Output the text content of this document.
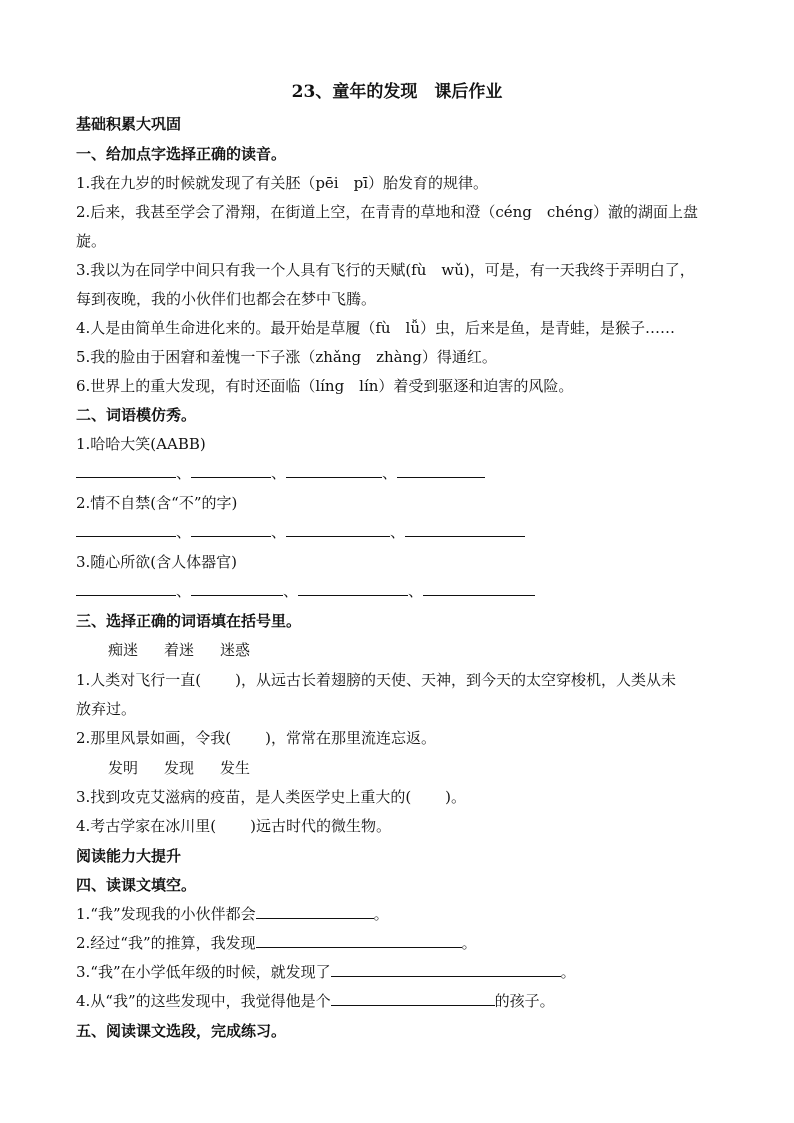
23、童年的发现　课后作业
基础积累大巩固
一、给加点字选择正确的读音。
1.我在九岁的时候就发现了有关胚（pēi　pī）胎发育的规律。
2.后来，我甚至学会了滑翔，在街道上空，在青青的草地和澄（céng　chéng）澈的湖面上盘
旋。
3.我以为在同学中间只有我一个人具有飞行的天赋(fù　wǔ)，可是，有一天我终于弄明白了，
每到夜晚，我的小伙伴们也都会在梦中飞腾。
4.人是由简单生命进化来的。最开始是草履（fù　lǚ）虫，后来是鱼，是青蛙，是猴子……
5.我的脸由于困窘和羞愧一下子涨（zhǎng　zhàng）得通红。
6.世界上的重大发现，有时还面临（líng　lín）着受到驱逐和迫害的风险。
二、词语模仿秀。
1.哈哈大笑(AABB)
、	、	、
2.情不自禁(含“不”的字)
、	、	、
3.随心所欲(含人体器官)
、	、	、
三、选择正确的词语填在括号里。
痴迷 着迷 迷惑
1.人类对飞行一直( )，从远古长着翅膀的天使、天神，到今天的太空穿梭机，人类从未
放弃过。
2.那里风景如画，令我( )，常常在那里流连忘返。
发明 发现 发生
3.找到攻克艾滋病的疫苗，是人类医学史上重大的( )。
4.考古学家在冰川里( )远古时代的微生物。
阅读能力大提升
四、读课文填空。
1.“我”发现我的小伙伴都会	。
2.经过“我”的推算，我发现	。
3.“我”在小学低年级的时候，就发现了	。
4.从“我”的这些发现中，我觉得他是个	的孩子。
五、阅读课文选段，完成练习。
